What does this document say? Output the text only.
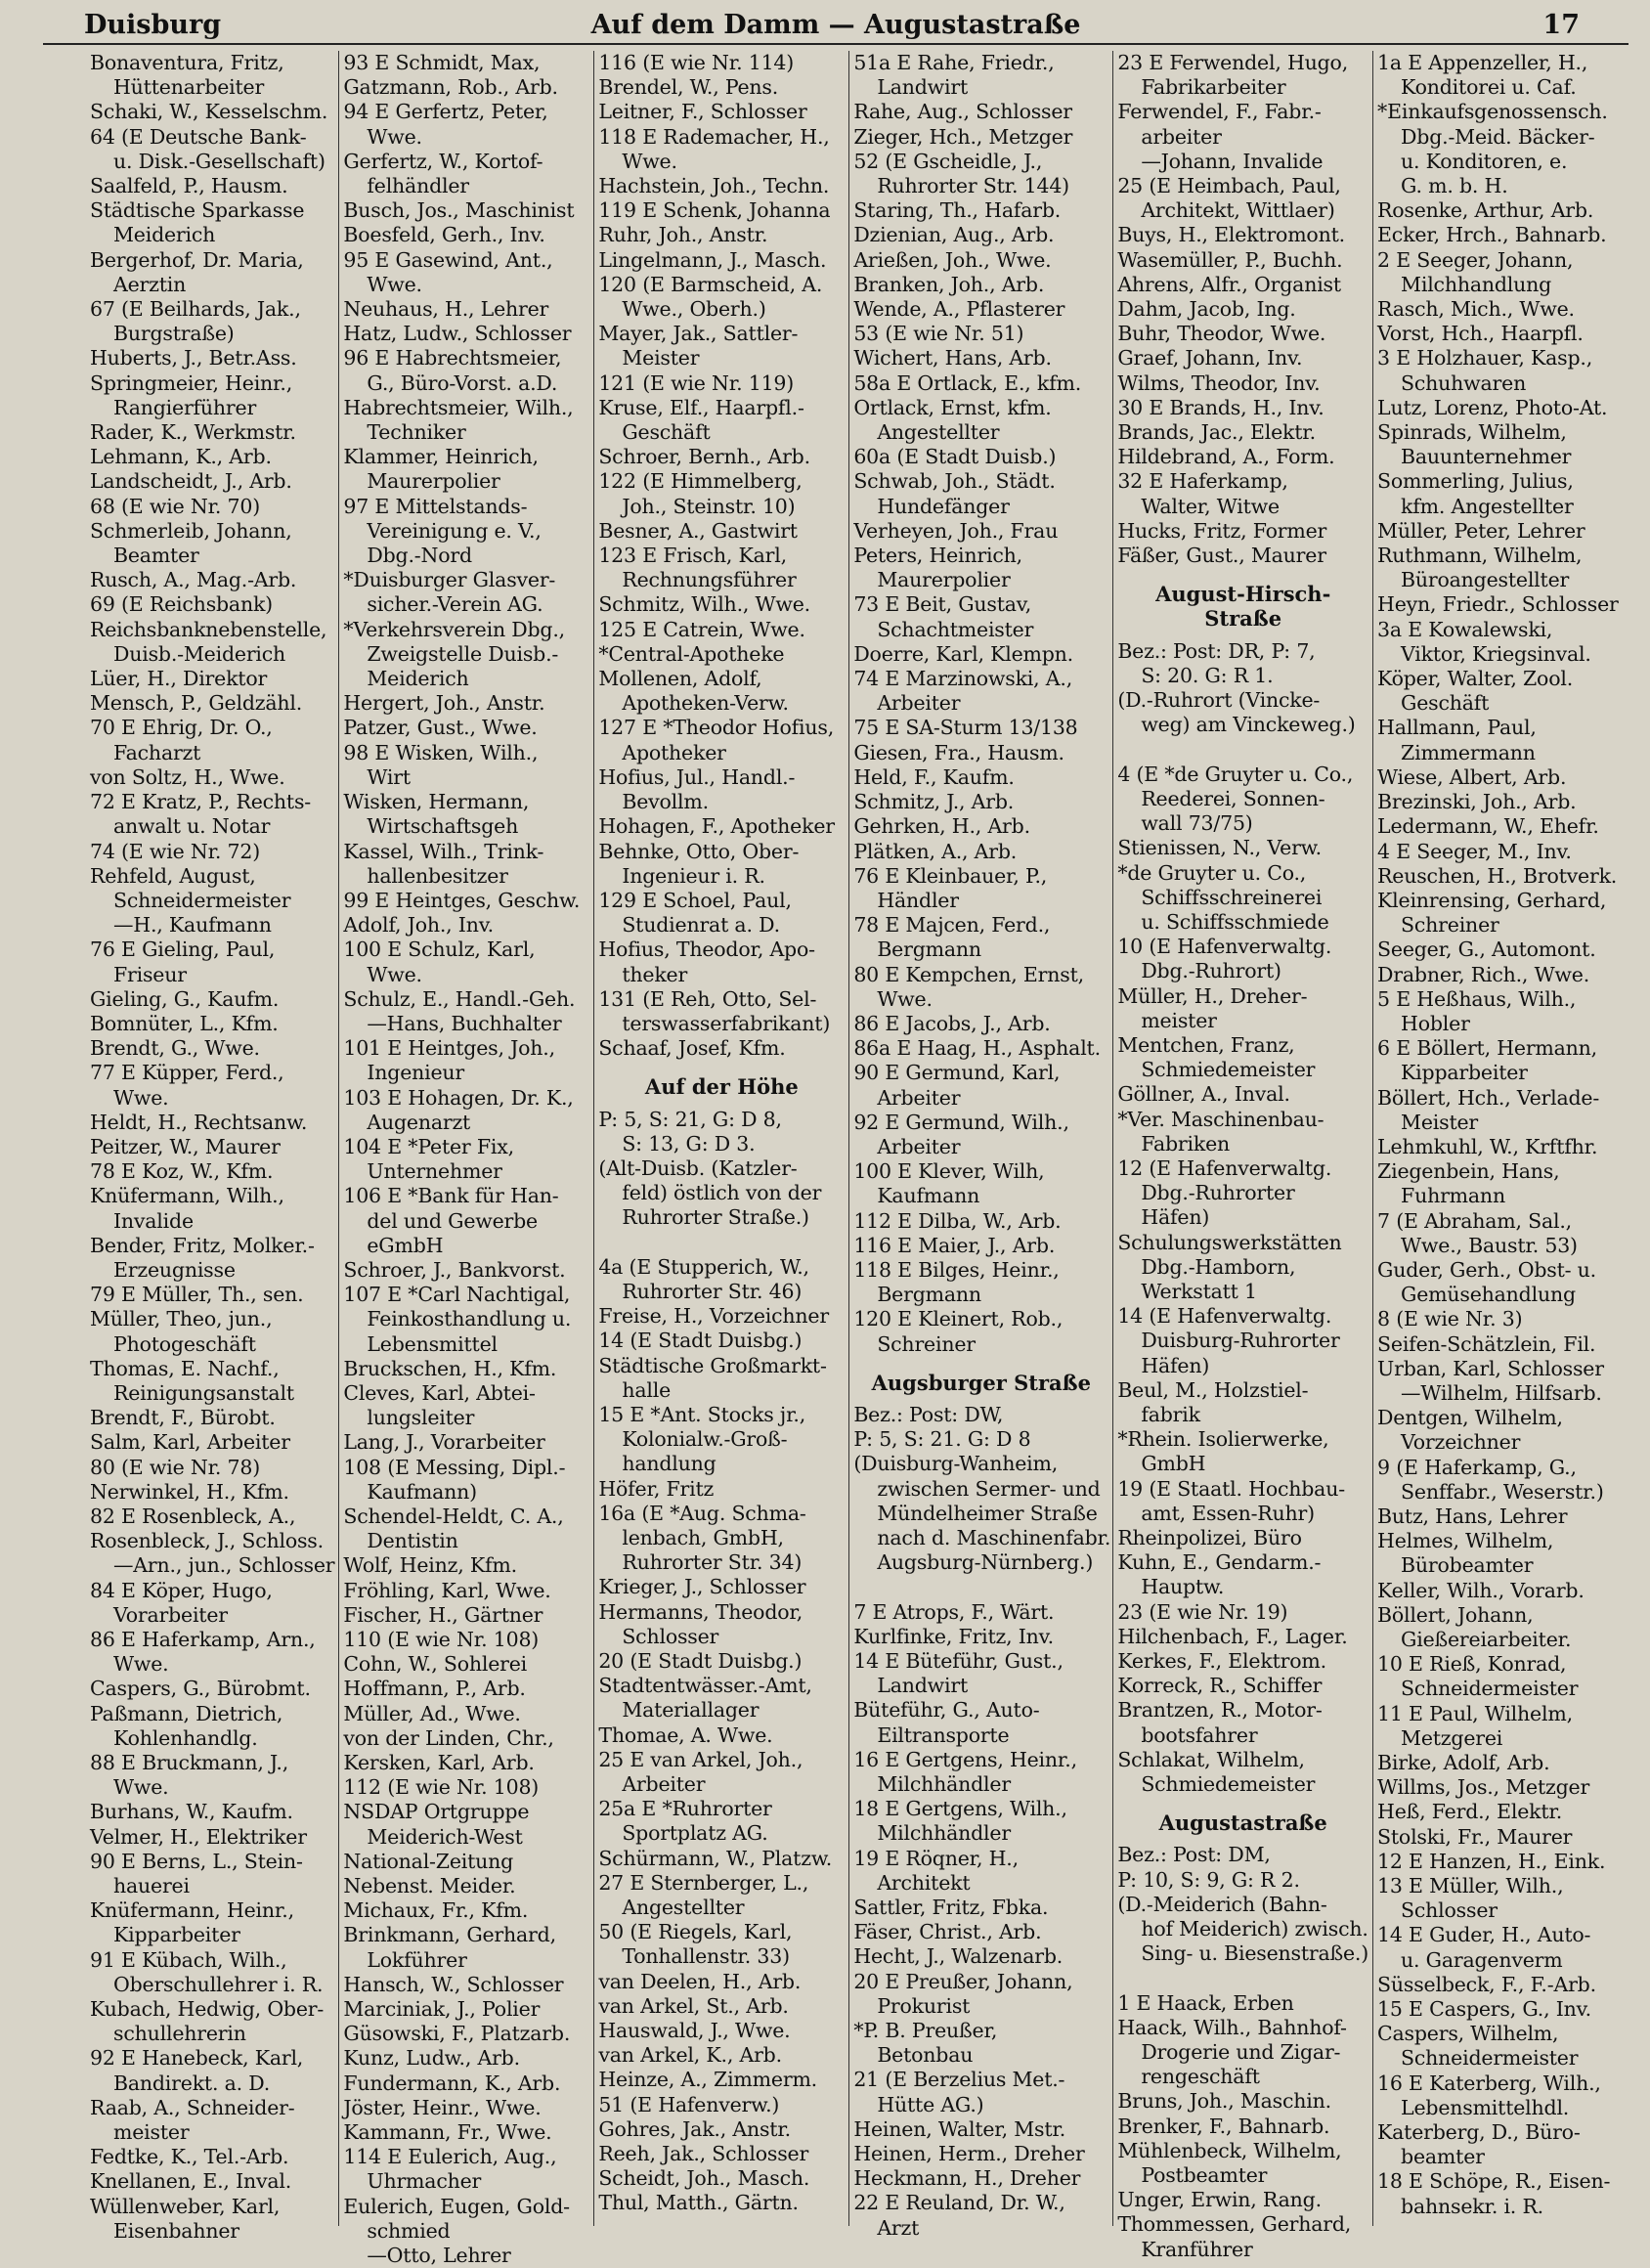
Duisburg	Auf dem Damm — Augustastraße	17
Bonaventura, Fritz,
Hüttenarbeiter
Schaki, W., Kesselschm.
64 (E Deutsche Bank-
u. Disk.-Gesellschaft)
Saalfeld, P., Hausm.
Städtische Sparkasse
Meiderich
Bergerhof, Dr. Maria,
Aerztin
67 (E Beilhards, Jak.,
Burgstraße)
Huberts, J., Betr.Ass.
Springmeier, Heinr.,
Rangierführer
Rader, K., Werkmstr.
Lehmann, K., Arb.
Landscheidt, J., Arb.
68 (E wie Nr. 70)
Schmerleib, Johann,
Beamter
Rusch, A., Mag.-Arb.
69 (E Reichsbank)
Reichsbanknebenstelle,
Duisb.-Meiderich
Lüer, H., Direktor
Mensch, P., Geldzähl.
70 E Ehrig, Dr. O.,
Facharzt
von Soltz, H., Wwe.
72 E Kratz, P., Rechts-
anwalt u. Notar
74 (E wie Nr. 72)
Rehfeld, August,
Schneidermeister
—H., Kaufmann
76 E Gieling, Paul,
Friseur
Gieling, G., Kaufm.
Bomnüter, L., Kfm.
Brendt, G., Wwe.
77 E Küpper, Ferd.,
Wwe.
Heldt, H., Rechtsanw.
Peitzer, W., Maurer
78 E Koz, W., Kfm.
Knüfermann, Wilh.,
Invalide
Bender, Fritz, Molker.-
Erzeugnisse
79 E Müller, Th., sen.
Müller, Theo, jun.,
Photogeschäft
Thomas, E. Nachf.,
Reinigungsanstalt
Brendt, F., Bürobt.
Salm, Karl, Arbeiter
80 (E wie Nr. 78)
Nerwinkel, H., Kfm.
82 E Rosenbleck, A.,
Rosenbleck, J., Schloss.
—Arn., jun., Schlosser
84 E Köper, Hugo,
Vorarbeiter
86 E Haferkamp, Arn.,
Wwe.
Caspers, G., Bürobmt.
Paßmann, Dietrich,
Kohlenhandlg.
88 E Bruckmann, J.,
Wwe.
Burhans, W., Kaufm.
Velmer, H., Elektriker
90 E Berns, L., Stein-
hauerei
Knüfermann, Heinr.,
Kipparbeiter
91 E Kübach, Wilh.,
Oberschullehrer i. R.
Kubach, Hedwig, Ober-
schullehrerin
92 E Hanebeck, Karl,
Bandirekt. a. D.
Raab, A., Schneider-
meister
Fedtke, K., Tel.-Arb.
Knellanen, E., Inval.
Wüllenweber, Karl,
Eisenbahner
93 E Schmidt, Max,
Gatzmann, Rob., Arb.
94 E Gerfertz, Peter,
Wwe.
Gerfertz, W., Kortof-
felhändler
Busch, Jos., Maschinist
Boesfeld, Gerh., Inv.
95 E Gasewind, Ant.,
Wwe.
Neuhaus, H., Lehrer
Hatz, Ludw., Schlosser
96 E Habrechtsmeier,
G., Büro-Vorst. a.D.
Habrechtsmeier, Wilh.,
Techniker
Klammer, Heinrich,
Maurerpolier
97 E Mittelstands-
Vereinigung e. V.,
Dbg.-Nord
*Duisburger Glasver-
sicher.-Verein AG.
*Verkehrsverein Dbg.,
Zweigstelle Duisb.-
Meiderich
Hergert, Joh., Anstr.
Patzer, Gust., Wwe.
98 E Wisken, Wilh.,
Wirt
Wisken, Hermann,
Wirtschaftsgeh
Kassel, Wilh., Trink-
hallenbesitzer
99 E Heintges, Geschw.
Adolf, Joh., Inv.
100 E Schulz, Karl,
Wwe.
Schulz, E., Handl.-Geh.
—Hans, Buchhalter
101 E Heintges, Joh.,
Ingenieur
103 E Hohagen, Dr. K.,
Augenarzt
104 E *Peter Fix,
Unternehmer
106 E *Bank für Han-
del und Gewerbe
eGmbH
Schroer, J., Bankvorst.
107 E *Carl Nachtigal,
Feinkosthandlung u.
Lebensmittel
Bruckschen, H., Kfm.
Cleves, Karl, Abtei-
lungsleiter
Lang, J., Vorarbeiter
108 (E Messing, Dipl.-
Kaufmann)
Schendel-Heldt, C. A.,
Dentistin
Wolf, Heinz, Kfm.
Fröhling, Karl, Wwe.
Fischer, H., Gärtner
110 (E wie Nr. 108)
Cohn, W., Sohlerei
Hoffmann, P., Arb.
Müller, Ad., Wwe.
von der Linden, Chr.,
Kersken, Karl, Arb.
112 (E wie Nr. 108)
NSDAP Ortgruppe
Meiderich-West
National-Zeitung
Nebenst. Meider.
Michaux, Fr., Kfm.
Brinkmann, Gerhard,
Lokführer
Hansch, W., Schlosser
Marciniak, J., Polier
Güsowski, F., Platzarb.
Kunz, Ludw., Arb.
Fundermann, K., Arb.
Jöster, Heinr., Wwe.
Kammann, Fr., Wwe.
114 E Eulerich, Aug.,
Uhrmacher
Eulerich, Eugen, Gold-
schmied
—Otto, Lehrer
116 (E wie Nr. 114)
Brendel, W., Pens.
Leitner, F., Schlosser
118 E Rademacher, H.,
Wwe.
Hachstein, Joh., Techn.
119 E Schenk, Johanna
Ruhr, Joh., Anstr.
Lingelmann, J., Masch.
120 (E Barmscheid, A.
Wwe., Oberh.)
Mayer, Jak., Sattler-
Meister
121 (E wie Nr. 119)
Kruse, Elf., Haarpfl.-
Geschäft
Schroer, Bernh., Arb.
122 (E Himmelberg,
Joh., Steinstr. 10)
Besner, A., Gastwirt
123 E Frisch, Karl,
Rechnungsführer
Schmitz, Wilh., Wwe.
125 E Catrein, Wwe.
*Central-Apotheke
Mollenen, Adolf,
Apotheken-Verw.
127 E *Theodor Hofius,
Apotheker
Hofius, Jul., Handl.-
Bevollm.
Hohagen, F., Apotheker
Behnke, Otto, Ober-
Ingenieur i. R.
129 E Schoel, Paul,
Studienrat a. D.
Hofius, Theodor, Apo-
theker
131 (E Reh, Otto, Sel-
terswasserfabrikant)
Schaaf, Josef, Kfm.
Auf der Höhe
P: 5, S: 21, G: D 8,
S: 13, G: D 3.
(Alt-Duisb. (Katzler-
feld) östlich von der
Ruhrorter Straße.)

4a (E Stupperich, W.,
Ruhrorter Str. 46)
Freise, H., Vorzeichner
14 (E Stadt Duisbg.)
Städtische Großmarkt-
halle
15 E *Ant. Stocks jr.,
Kolonialw.-Groß-
handlung
Höfer, Fritz
16a (E *Aug. Schma-
lenbach, GmbH,
Ruhrorter Str. 34)
Krieger, J., Schlosser
Hermanns, Theodor,
Schlosser
20 (E Stadt Duisbg.)
Stadtentwässer.-Amt,
Materiallager
Thomae, A. Wwe.
25 E van Arkel, Joh.,
Arbeiter
25a E *Ruhrorter
Sportplatz AG.
Schürmann, W., Platzw.
27 E Sternberger, L.,
Angestellter
50 (E Riegels, Karl,
Tonhallenstr. 33)
van Deelen, H., Arb.
van Arkel, St., Arb.
Hauswald, J., Wwe.
van Arkel, K., Arb.
Heinze, A., Zimmerm.
51 (E Hafenverw.)
Gohres, Jak., Anstr.
Reeh, Jak., Schlosser
Scheidt, Joh., Masch.
Thul, Matth., Gärtn.
51a E Rahe, Friedr.,
Landwirt
Rahe, Aug., Schlosser
Zieger, Hch., Metzger
52 (E Gscheidle, J.,
Ruhrorter Str. 144)
Staring, Th., Hafarb.
Dzienian, Aug., Arb.
Arießen, Joh., Wwe.
Branken, Joh., Arb.
Wende, A., Pflasterer
53 (E wie Nr. 51)
Wichert, Hans, Arb.
58a E Ortlack, E., kfm.
Ortlack, Ernst, kfm.
Angestellter
60a (E Stadt Duisb.)
Schwab, Joh., Städt.
Hundefänger
Verheyen, Joh., Frau
Peters, Heinrich,
Maurerpolier
73 E Beit, Gustav,
Schachtmeister
Doerre, Karl, Klempn.
74 E Marzinowski, A.,
Arbeiter
75 E SA-Sturm 13/138
Giesen, Fra., Hausm.
Held, F., Kaufm.
Schmitz, J., Arb.
Gehrken, H., Arb.
Plätken, A., Arb.
76 E Kleinbauer, P.,
Händler
78 E Majcen, Ferd.,
Bergmann
80 E Kempchen, Ernst,
Wwe.
86 E Jacobs, J., Arb.
86a E Haag, H., Asphalt.
90 E Germund, Karl,
Arbeiter
92 E Germund, Wilh.,
Arbeiter
100 E Klever, Wilh,
Kaufmann
112 E Dilba, W., Arb.
116 E Maier, J., Arb.
118 E Bilges, Heinr.,
Bergmann
120 E Kleinert, Rob.,
Schreiner
Augsburger Straße
Bez.: Post: DW,
P: 5, S: 21. G: D 8
(Duisburg-Wanheim,
zwischen Sermer- und
Mündelheimer Straße
nach d. Maschinenfabr.
Augsburg-Nürnberg.)

7 E Atrops, F., Wärt.
Kurlfinke, Fritz, Inv.
14 E Büteführ, Gust.,
Landwirt
Büteführ, G., Auto-
Eiltransporte
16 E Gertgens, Heinr.,
Milchhändler
18 E Gertgens, Wilh.,
Milchhändler
19 E Röqner, H.,
Architekt
Sattler, Fritz, Fbka.
Fäser, Christ., Arb.
Hecht, J., Walzenarb.
20 E Preußer, Johann,
Prokurist
*P. B. Preußer,
Betonbau
21 (E Berzelius Met.-
Hütte AG.)
Heinen, Walter, Mstr.
Heinen, Herm., Dreher
Heckmann, H., Dreher
22 E Reuland, Dr. W.,
Arzt
23 E Ferwendel, Hugo,
Fabrikarbeiter
Ferwendel, F., Fabr.-
arbeiter
—Johann, Invalide
25 (E Heimbach, Paul,
Architekt, Wittlaer)
Buys, H., Elektromont.
Wasemüller, P., Buchh.
Ahrens, Alfr., Organist
Dahm, Jacob, Ing.
Buhr, Theodor, Wwe.
Graef, Johann, Inv.
Wilms, Theodor, Inv.
30 E Brands, H., Inv.
Brands, Jac., Elektr.
Hildebrand, A., Form.
32 E Haferkamp,
Walter, Witwe
Hucks, Fritz, Former
Fäßer, Gust., Maurer
August-Hirsch-Straße
Bez.: Post: DR, P: 7,
S: 20. G: R 1.
(D.-Ruhrort (Vincke-
weg) am Vinckeweg.)

4 (E *de Gruyter u. Co.,
Reederei, Sonnen-
wall 73/75)
Stienissen, N., Verw.
*de Gruyter u. Co.,
Schiffsschreinerei
u. Schiffsschmiede
10 (E Hafenverwaltg.
Dbg.-Ruhrort)
Müller, H., Dreher-
meister
Mentchen, Franz,
Schmiedemeister
Göllner, A., Inval.
*Ver. Maschinenbau-
Fabriken
12 (E Hafenverwaltg.
Dbg.-Ruhrorter
Häfen)
Schulungswerkstätten
Dbg.-Hamborn,
Werkstatt 1
14 (E Hafenverwaltg.
Duisburg-Ruhrorter
Häfen)
Beul, M., Holzstiel-
fabrik
*Rhein. Isolierwerke,
GmbH
19 (E Staatl. Hochbau-
amt, Essen-Ruhr)
Rheinpolizei, Büro
Kuhn, E., Gendarm.-
Hauptw.
23 (E wie Nr. 19)
Hilchenbach, F., Lager.
Kerkes, F., Elektrom.
Korreck, R., Schiffer
Brantzen, R., Motor-
bootsfahrer
Schlakat, Wilhelm,
Schmiedemeister
Augustastraße
Bez.: Post: DM,
P: 10, S: 9, G: R 2.
(D.-Meiderich (Bahn-
hof Meiderich) zwisch.
Sing- u. Biesenstraße.)

1 E Haack, Erben
Haack, Wilh., Bahnhof-
Drogerie und Zigar-
rengeschäft
Bruns, Joh., Maschin.
Brenker, F., Bahnarb.
Mühlenbeck, Wilhelm,
Postbeamter
Unger, Erwin, Rang.
Thommessen, Gerhard,
Kranführer
1a E Appenzeller, H.,
Konditorei u. Caf.
*Einkaufsgenossensch.
Dbg.-Meid. Bäcker-
u. Konditoren, e.
G. m. b. H.
Rosenke, Arthur, Arb.
Ecker, Hrch., Bahnarb.
2 E Seeger, Johann,
Milchhandlung
Rasch, Mich., Wwe.
Vorst, Hch., Haarpfl.
3 E Holzhauer, Kasp.,
Schuhwaren
Lutz, Lorenz, Photo-At.
Spinrads, Wilhelm,
Bauunternehmer
Sommerling, Julius,
kfm. Angestellter
Müller, Peter, Lehrer
Ruthmann, Wilhelm,
Büroangestellter
Heyn, Friedr., Schlosser
3a E Kowalewski,
Viktor, Kriegsinval.
Köper, Walter, Zool.
Geschäft
Hallmann, Paul,
Zimmermann
Wiese, Albert, Arb.
Brezinski, Joh., Arb.
Ledermann, W., Ehefr.
4 E Seeger, M., Inv.
Reuschen, H., Brotverk.
Kleinrensing, Gerhard,
Schreiner
Seeger, G., Automont.
Drabner, Rich., Wwe.
5 E Heßhaus, Wilh.,
Hobler
6 E Böllert, Hermann,
Kipparbeiter
Böllert, Hch., Verlade-
Meister
Lehmkuhl, W., Krftfhr.
Ziegenbein, Hans,
Fuhrmann
7 (E Abraham, Sal.,
Wwe., Baustr. 53)
Guder, Gerh., Obst- u.
Gemüsehandlung
8 (E wie Nr. 3)
Seifen-Schätzlein, Fil.
Urban, Karl, Schlosser
—Wilhelm, Hilfsarb.
Dentgen, Wilhelm,
Vorzeichner
9 (E Haferkamp, G.,
Senffabr., Weserstr.)
Butz, Hans, Lehrer
Helmes, Wilhelm,
Bürobeamter
Keller, Wilh., Vorarb.
Böllert, Johann,
Gießereiarbeiter.
10 E Rieß, Konrad,
Schneidermeister
11 E Paul, Wilhelm,
Metzgerei
Birke, Adolf, Arb.
Willms, Jos., Metzger
Heß, Ferd., Elektr.
Stolski, Fr., Maurer
12 E Hanzen, H., Eink.
13 E Müller, Wilh.,
Schlosser
14 E Guder, H., Auto-
u. Garagenverm
Süsselbeck, F., F.-Arb.
15 E Caspers, G., Inv.
Caspers, Wilhelm,
Schneidermeister
16 E Katerberg, Wilh.,
Lebensmittelhdl.
Katerberg, D., Büro-
beamter
18 E Schöpe, R., Eisen-
bahnsekr. i. R.
